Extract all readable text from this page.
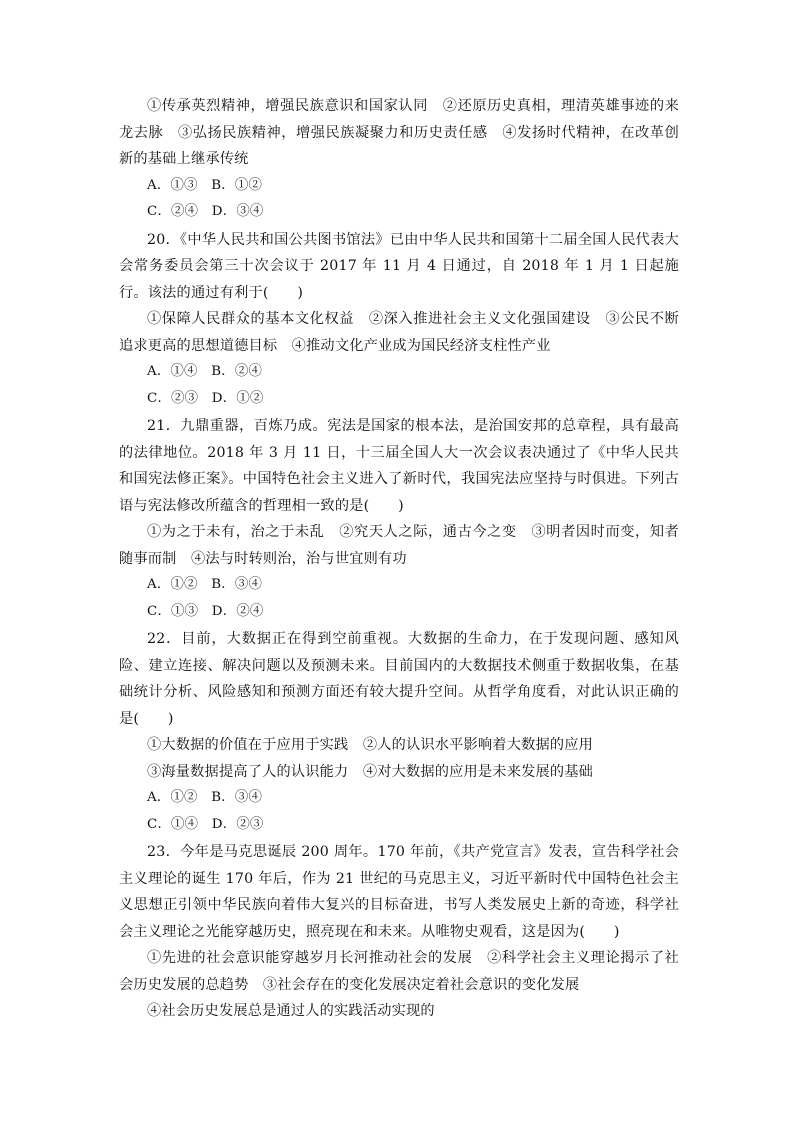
①传承英烈精神，增强民族意识和国家认同　②还原历史真相，理清英雄事迹的来龙去脉　③弘扬民族精神，增强民族凝聚力和历史责任感　④发扬时代精神，在改革创新的基础上继承传统

A．①③　B．①②

C．②④　D．③④

20．《中华人民共和国公共图书馆法》已由中华人民共和国第十二届全国人民代表大会常务委员会第三十次会议于 2017 年 11 月 4 日通过，自 2018 年 1 月 1 日起施行。该法的通过有利于(　　)

①保障人民群众的基本文化权益　②深入推进社会主义文化强国建设　③公民不断追求更高的思想道德目标　④推动文化产业成为国民经济支柱性产业

A．①④　B．②④

C．②③　D．①②

21．九鼎重器，百炼乃成。宪法是国家的根本法，是治国安邦的总章程，具有最高的法律地位。2018 年 3 月 11 日，十三届全国人大一次会议表决通过了《中华人民共和国宪法修正案》。中国特色社会主义进入了新时代，我国宪法应坚持与时俱进。下列古语与宪法修改所蕴含的哲理相一致的是(　　)

①为之于未有，治之于未乱　②究天人之际，通古今之变　③明者因时而变，知者随事而制　④法与时转则治，治与世宜则有功

A．①②　B．③④

C．①③　D．②④

22．目前，大数据正在得到空前重视。大数据的生命力，在于发现问题、感知风险、建立连接、解决问题以及预测未来。目前国内的大数据技术侧重于数据收集，在基础统计分析、风险感知和预测方面还有较大提升空间。从哲学角度看，对此认识正确的是(　　)

①大数据的价值在于应用于实践　②人的认识水平影响着大数据的应用

③海量数据提高了人的认识能力　④对大数据的应用是未来发展的基础

A．①②　B．③④

C．①④　D．②③

23．今年是马克思诞辰 200 周年。170 年前，《共产党宣言》发表，宣告科学社会主义理论的诞生 170 年后，作为 21 世纪的马克思主义，习近平新时代中国特色社会主义思想正引领中华民族向着伟大复兴的目标奋进，书写人类发展史上新的奇迹，科学社会主义理论之光能穿越历史，照亮现在和未来。从唯物史观看，这是因为(　　)

①先进的社会意识能穿越岁月长河推动社会的发展　②科学社会主义理论揭示了社会历史发展的总趋势　③社会存在的变化发展决定着社会意识的变化发展

④社会历史发展总是通过人的实践活动实现的
